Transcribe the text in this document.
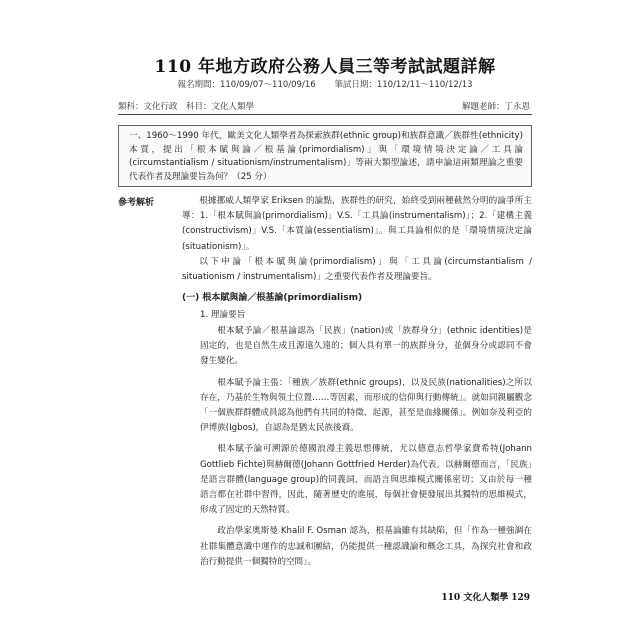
110 年地方政府公務人員三等考試試題詳解
報名期間：110/09/07～110/09/16 筆試日期：110/12/11～110/12/13
類科：文化行政　科目：文化人類學	解題老師：丁永恩
一、1960～1990 年代，歐美文化人類學者為探索族群(ethnic group)和族群意識／族群性(ethnicity)本質，提出「根本賦與論／根基論(primordialism)」與「環境情境決定論／工具論(circumstantialism / situationism/instrumentalism)」等兩大類型論述，請申論這兩類理論之重要代表作者及理論要旨為何？（25 分）
參考解析	根據挪威人類學家 Eriksen 的論點，族群性的研究，始終受到兩種截然分明的論爭所主導：1.「根本賦與論(primordialism)」V.S.「工具論(instrumentalism)」；2.「建構主義(constructivism)」V.S.「本質論(essentialism)」。與工具論相似的是「環境情境決定論(situationism)」。

以下申論「根本賦與論(primordialism)」與「工具論(circumstantialism / situationism / instrumentalism)」之重要代表作者及理論要旨。

(一) 根本賦與論／根基論(primordialism)
1. 理論要旨

根本賦予論／根基論認為「民族」(nation)或「族群身分」(ethnic identities)是固定的，也是自然生成且源遠久遠的；個人具有單一的族群身分，並個身分或認同不會發生變化。

根本賦予論主張：「種族／族群(ethnic groups)，以及民族(nationalities)之所以存在，乃基於生物與領土位置……等因素，而形成的信仰與行動傳統」。就如同親屬觀念「一個族群群體成員認為他們有共同的特徵、起源，甚至是血緣關係」。例如奈及利亞的伊博族(Igbos)，自認為是猶太民族後裔。

根本賦予論可溯源於德國浪漫主義思想傳統，尤以德意志哲學家費希特(Johann Gottlieb Fichte)與赫爾德(Johann Gottfried Herder)為代表。以赫爾德而言，「民族」是語言群體(language group)的同義詞，而語言與思維模式關係密切；又由於每一種語言都在社群中習得，因此，隨著歷史的進展，每個社會便發展出其獨特的思維模式，形成了固定的天然特質。

政治學家奧斯曼 Khalil F. Osman 認為，根基論雖有其缺陷，但「作為一種強調在社群集體意識中運作的忠誠和團結，仍能提供一種認識論和概念工具，為探究社會和政治行動提供一個獨特的空間」。

110 文化人類學 129
